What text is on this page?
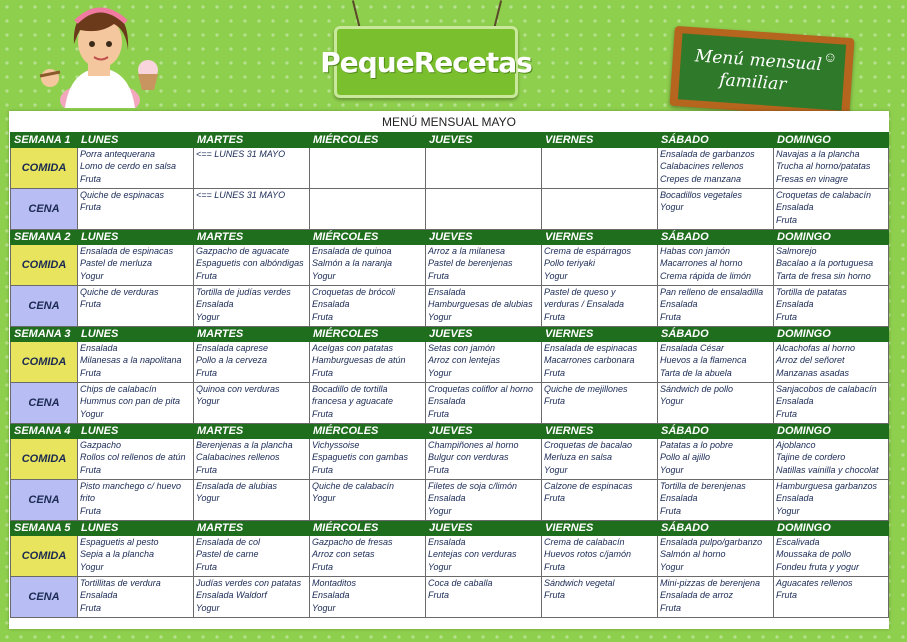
PequeRecetas	Menú mensual
familiar
☺
MENÚ MENSUAL MAYO
SEMANA 1	LUNES	MARTES	MIÉRCOLES	JUEVES	VIERNES	SÁBADO	DOMINGO
COMIDA	Porra antequerana
Lomo de cerdo en salsa
Fruta	<== LUNES 31 MAYO				Ensalada de garbanzos
Calabacines rellenos
Crepes de manzana	Navajas a la plancha
Trucha al horno/patatas
Fresas en vinagre

CENA	Quiche de espinacas
Fruta	<== LUNES 31 MAYO				Bocadillos vegetales
Yogur	Croquetas de calabacín
Ensalada
Fruta

SEMANA 2	LUNES	MARTES	MIÉRCOLES	JUEVES	VIERNES	SÁBADO	DOMINGO
COMIDA	Ensalada de espinacas
Pastel de merluza
Yogur	Gazpacho de aguacate
Espaguetis con albóndigas
Fruta	Ensalada de quinoa
Salmón a la naranja
Yogur	Arroz a la milanesa
Pastel de berenjenas
Fruta	Crema de espárragos
Pollo teriyaki
Yogur	Habas con jamón
Macarrones al horno
Crema rápida de limón	Salmorejo
Bacalao a la portuguesa
Tarta de fresa sin horno

CENA	Quiche de verduras
Fruta	Tortilla de judías verdes
Ensalada
Yogur	Croquetas de brócoli
Ensalada
Fruta	Ensalada
Hamburguesas de alubias
Yogur	Pastel de queso y
verduras / Ensalada
Fruta	Pan relleno de ensaladilla
Ensalada
Fruta	Tortilla de patatas
Ensalada
Fruta

SEMANA 3	LUNES	MARTES	MIÉRCOLES	JUEVES	VIERNES	SÁBADO	DOMINGO
COMIDA	Ensalada
Milanesas a la napolitana
Fruta	Ensalada caprese
Pollo a la cerveza
Fruta	Acelgas con patatas
Hamburguesas de atún
Fruta	Setas con jamón
Arroz con lentejas
Yogur	Ensalada de espinacas
Macarrones carbonara
Fruta	Ensalada César
Huevos a la flamenca
Tarta de la abuela	Alcachofas al horno
Arroz del señoret
Manzanas asadas

CENA	Chips de calabacín
Hummus con pan de pita
Yogur	Quinoa con verduras
Yogur	Bocadillo de tortilla
francesa y aguacate
Fruta	Croquetas coliflor al horno
Ensalada
Fruta	Quiche de mejillones
Fruta	Sándwich de pollo
Yogur	Sanjacobos de calabacín
Ensalada
Fruta

SEMANA 4	LUNES	MARTES	MIÉRCOLES	JUEVES	VIERNES	SÁBADO	DOMINGO
COMIDA	Gazpacho
Rollos col rellenos de atún
Fruta	Berenjenas a la plancha
Calabacines rellenos
Fruta	Vichyssoise
Espaguetis con gambas
Fruta	Champiñones al horno
Bulgur con verduras
Fruta	Croquetas de bacalao
Merluza en salsa
Yogur	Patatas a lo pobre
Pollo al ajillo
Yogur	Ajoblanco
Tajine de cordero
Natillas vainilla y chocolat

CENA	Pisto manchego c/ huevo
frito
Fruta	Ensalada de alubias
Yogur	Quiche de calabacín
Yogur	Filetes de soja c/limón
Ensalada
Yogur	Calzone de espinacas
Fruta	Tortilla de berenjenas
Ensalada
Fruta	Hamburguesa garbanzos
Ensalada
Yogur

SEMANA 5	LUNES	MARTES	MIÉRCOLES	JUEVES	VIERNES	SÁBADO	DOMINGO
COMIDA	Espaguetis al pesto
Sepia a la plancha
Yogur	Ensalada de col
Pastel de carne
Fruta	Gazpacho de fresas
Arroz con setas
Fruta	Ensalada
Lentejas con verduras
Yogur	Crema de calabacín
Huevos rotos c/jamón
Fruta	Ensalada pulpo/garbanzo
Salmón al horno
Yogur	Escalivada
Moussaka de pollo
Fondeu fruta y yogur

CENA	Tortillitas de verdura
Ensalada
Fruta	Judías verdes con patatas
Ensalada Waldorf
Yogur	Montaditos
Ensalada
Yogur	Coca de caballa
Fruta	Sándwich vegetal
Fruta	Mini-pizzas de berenjena
Ensalada de arroz
Fruta	Aguacates rellenos
Fruta
